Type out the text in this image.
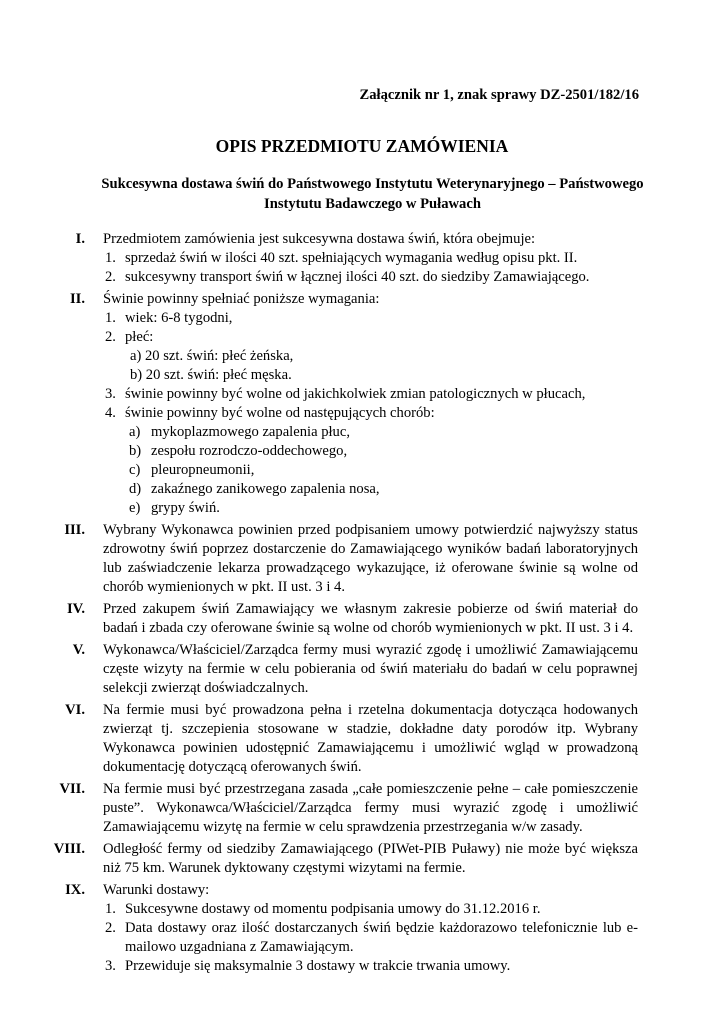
Załącznik nr 1, znak sprawy DZ-2501/182/16
OPIS PRZEDMIOTU ZAMÓWIENIA
Sukcesywna dostawa świń do Państwowego Instytutu Weterynaryjnego – Państwowego
Instytutu Badawczego w Puławach
I. Przedmiotem zamówienia jest sukcesywna dostawa świń, która obejmuje:
1. sprzedaż świń w ilości 40 szt. spełniających wymagania według opisu pkt. II.
2. sukcesywny transport świń w łącznej ilości 40 szt. do siedziby Zamawiającego.
II. Świnie powinny spełniać poniższe wymagania:
1. wiek: 6-8 tygodni,
2. płeć:
a) 20 szt. świń: płeć żeńska,
b) 20 szt. świń: płeć męska.
3. świnie powinny być wolne od jakichkolwiek zmian patologicznych w płucach,
4. świnie powinny być wolne od następujących chorób:
a) mykoplazmowego zapalenia płuc,
b) zespołu rozrodczo-oddechowego,
c) pleuropneumonii,
d) zakaźnego zanikowego zapalenia nosa,
e) grypy świń.
III. Wybrany Wykonawca powinien przed podpisaniem umowy potwierdzić najwyższy status zdrowotny świń poprzez dostarczenie do Zamawiającego wyników badań laboratoryjnych lub zaświadczenie lekarza prowadzącego wykazujące, iż oferowane świnie są wolne od chorób wymienionych w pkt. II ust. 3 i 4.
IV. Przed zakupem świń Zamawiający we własnym zakresie pobierze od świń materiał do badań i zbada czy oferowane świnie są wolne od chorób wymienionych w pkt. II ust. 3 i 4.
V. Wykonawca/Właściciel/Zarządca fermy musi wyrazić zgodę i umożliwić Zamawiającemu częste wizyty na fermie w celu pobierania od świń materiału do badań w celu poprawnej selekcji zwierząt doświadczalnych.
VI. Na fermie musi być prowadzona pełna i rzetelna dokumentacja dotycząca hodowanych zwierząt tj. szczepienia stosowane w stadzie, dokładne daty porodów itp. Wybrany Wykonawca powinien udostępnić Zamawiającemu i umożliwić wgląd w prowadzoną dokumentację dotyczącą oferowanych świń.
VII. Na fermie musi być przestrzegana zasada „całe pomieszczenie pełne – całe pomieszczenie puste”. Wykonawca/Właściciel/Zarządca fermy musi wyrazić zgodę i umożliwić Zamawiającemu wizytę na fermie w celu sprawdzenia przestrzegania w/w zasady.
VIII. Odległość fermy od siedziby Zamawiającego (PIWet-PIB Puławy) nie może być większa niż 75 km. Warunek dyktowany częstymi wizytami na fermie.
IX. Warunki dostawy:
1. Sukcesywne dostawy od momentu podpisania umowy do 31.12.2016 r.
2. Data dostawy oraz ilość dostarczanych świń będzie każdorazowo telefonicznie lub e-mailowo uzgadniana z Zamawiającym.
3. Przewiduje się maksymalnie 3 dostawy w trakcie trwania umowy.
